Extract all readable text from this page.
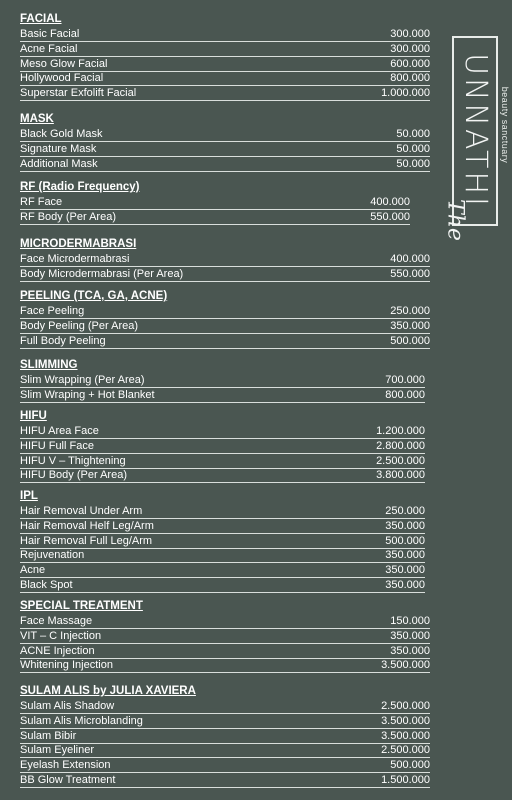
FACIAL
Basic Facial	300.000
Acne Facial	300.000
Meso Glow Facial	600.000
Hollywood Facial	800.000
Superstar Exfolift Facial	1.000.000
MASK
Black Gold Mask	50.000
Signature Mask	50.000
Additional Mask	50.000
RF (Radio Frequency)
RF Face	400.000
RF Body (Per Area)	550.000
MICRODERMABRASI
Face Microdermabrasi	400.000
Body Microdermabrasi (Per Area)	550.000
PEELING (TCA, GA, ACNE)
Face Peeling	250.000
Body Peeling (Per Area)	350.000
Full Body Peeling	500.000
SLIMMING
Slim Wrapping (Per Area)	700.000
Slim Wraping + Hot Blanket	800.000
HIFU
HIFU Area Face	1.200.000
HIFU Full Face	2.800.000
HIFU V – Thightening	2.500.000
HIFU Body (Per Area)	3.800.000
IPL
Hair Removal Under Arm	250.000
Hair Removal Helf Leg/Arm	350.000
Hair Removal Full Leg/Arm	500.000
Rejuvenation	350.000
Acne	350.000
Black Spot	350.000
SPECIAL TREATMENT
Face Massage	150.000
VIT – C Injection	350.000
ACNE Injection	350.000
Whitening Injection	3.500.000
SULAM ALIS by JULIA XAVIERA
Sulam Alis Shadow	2.500.000
Sulam Alis Microblanding	3.500.000
Sulam Bibir	3.500.000
Sulam Eyeliner	2.500.000
Eyelash Extension	500.000
BB Glow Treatment	1.500.000
UNNATHI beauty sanctuary
The
